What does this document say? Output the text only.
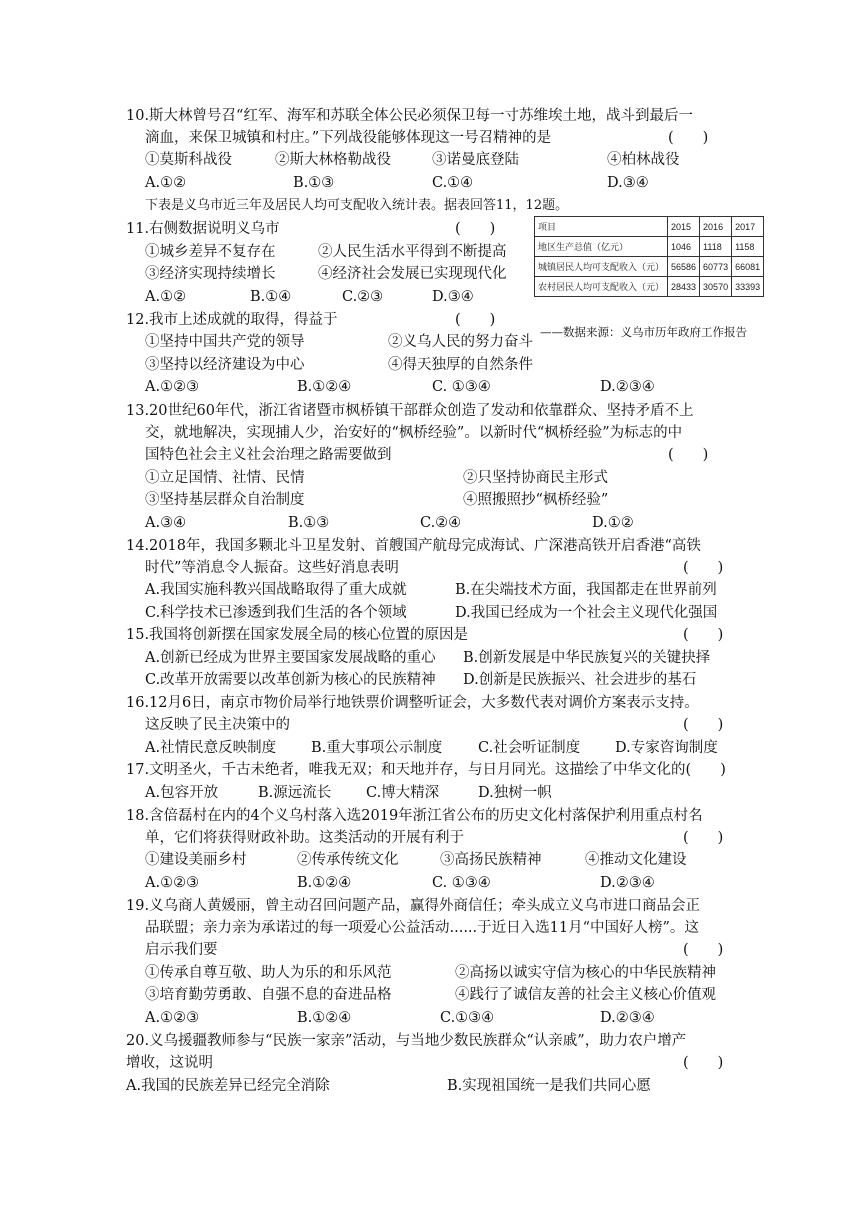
10.斯大林曾号召“红军、海军和苏联全体公民必须保卫每一寸苏维埃土地，战斗到最后一
滴血，来保卫城镇和村庄。”下列战役能够体现这一号召精神的是	(　　)
①莫斯科战役	②斯大林格勒战役	③诺曼底登陆	④柏林战役
A.①②	B.①③	C.①④	D.③④
下表是义乌市近三年及居民人均可支配收入统计表。据表回答11，12题。
项目	2015	2016	2017
地区生产总值（亿元）	1046	1118	1158
城镇居民人均可支配收入（元）	56586	60773	66081
农村居民人均可支配收入（元）	28433	30570	33393
——数据来源：义乌市历年政府工作报告
11.右侧数据说明义乌市	(　　)
①城乡差异不复存在	②人民生活水平得到不断提高
③经济实现持续增长	④经济社会发展已实现现代化
A.①②	B.①④	C.②③	D.③④
12.我市上述成就的取得，得益于	(　　)
①坚持中国共产党的领导	②义乌人民的努力奋斗
③坚持以经济建设为中心	④得天独厚的自然条件
A.①②③	B.①②④	C. ①③④	D.②③④
13.20世纪60年代，浙江省诸暨市枫桥镇干部群众创造了发动和依靠群众、坚持矛盾不上
交，就地解决，实现捕人少，治安好的“枫桥经验”。以新时代“枫桥经验”为标志的中
国特色社会主义社会治理之路需要做到	(　　)
①立足国情、社情、民情	②只坚持协商民主形式
③坚持基层群众自治制度	④照搬照抄“枫桥经验”
A.③④	B.①③	C.②④	D.①②
14.2018年，我国多颗北斗卫星发射、首艘国产航母完成海试、广深港高铁开启香港“高铁
时代”等消息令人振奋。这些好消息表明	(　　)
A.我国实施科教兴国战略取得了重大成就	B.在尖端技术方面，我国都走在世界前列
C.科学技术已渗透到我们生活的各个领域	D.我国已经成为一个社会主义现代化强国
15.我国将创新摆在国家发展全局的核心位置的原因是	(　　)
A.创新已经成为世界主要国家发展战略的重心 B.创新发展是中华民族复兴的关键抉择
C.改革开放需要以改革创新为核心的民族精神 D.创新是民族振兴、社会进步的基石
16.12月6日，南京市物价局举行地铁票价调整听证会，大多数代表对调价方案表示支持。
这反映了民主决策中的	(　　)
A.社情民意反映制度 B.重大事项公示制度 C.社会听证制度 D.专家咨询制度
17.文明圣火，千古未绝者，唯我无双；和天地并存，与日月同光。这描绘了中华文化的(　　)
A.包容开放	B.源远流长 C.博大精深	D.独树一帜
18.含倍磊村在内的4个义乌村落入选2019年浙江省公布的历史文化村落保护利用重点村名
单，它们将获得财政补助。这类活动的开展有利于	(　　)
①建设美丽乡村	②传承传统文化	③高扬民族精神	④推动文化建设
A.①②③	B.①②④	C. ①③④	D.②③④
19.义乌商人黄媛丽，曾主动召回问题产品，赢得外商信任；牵头成立义乌市进口商品会正
品联盟；亲力亲为承诺过的每一项爱心公益活动......于近日入选11月“中国好人榜”。这
启示我们要	(　　)
①传承自尊互敬、助人为乐的和乐风范	②高扬以诚实守信为核心的中华民族精神
③培育勤劳勇敢、自强不息的奋进品格	④践行了诚信友善的社会主义核心价值观
A.①②③	B.①②④	C.①③④	D.②③④
20.义乌援疆教师参与“民族一家亲”活动，与当地少数民族群众“认亲戚”，助力农户增产
增收，这说明	(　　)
A.我国的民族差异已经完全消除	B.实现祖国统一是我们共同心愿
